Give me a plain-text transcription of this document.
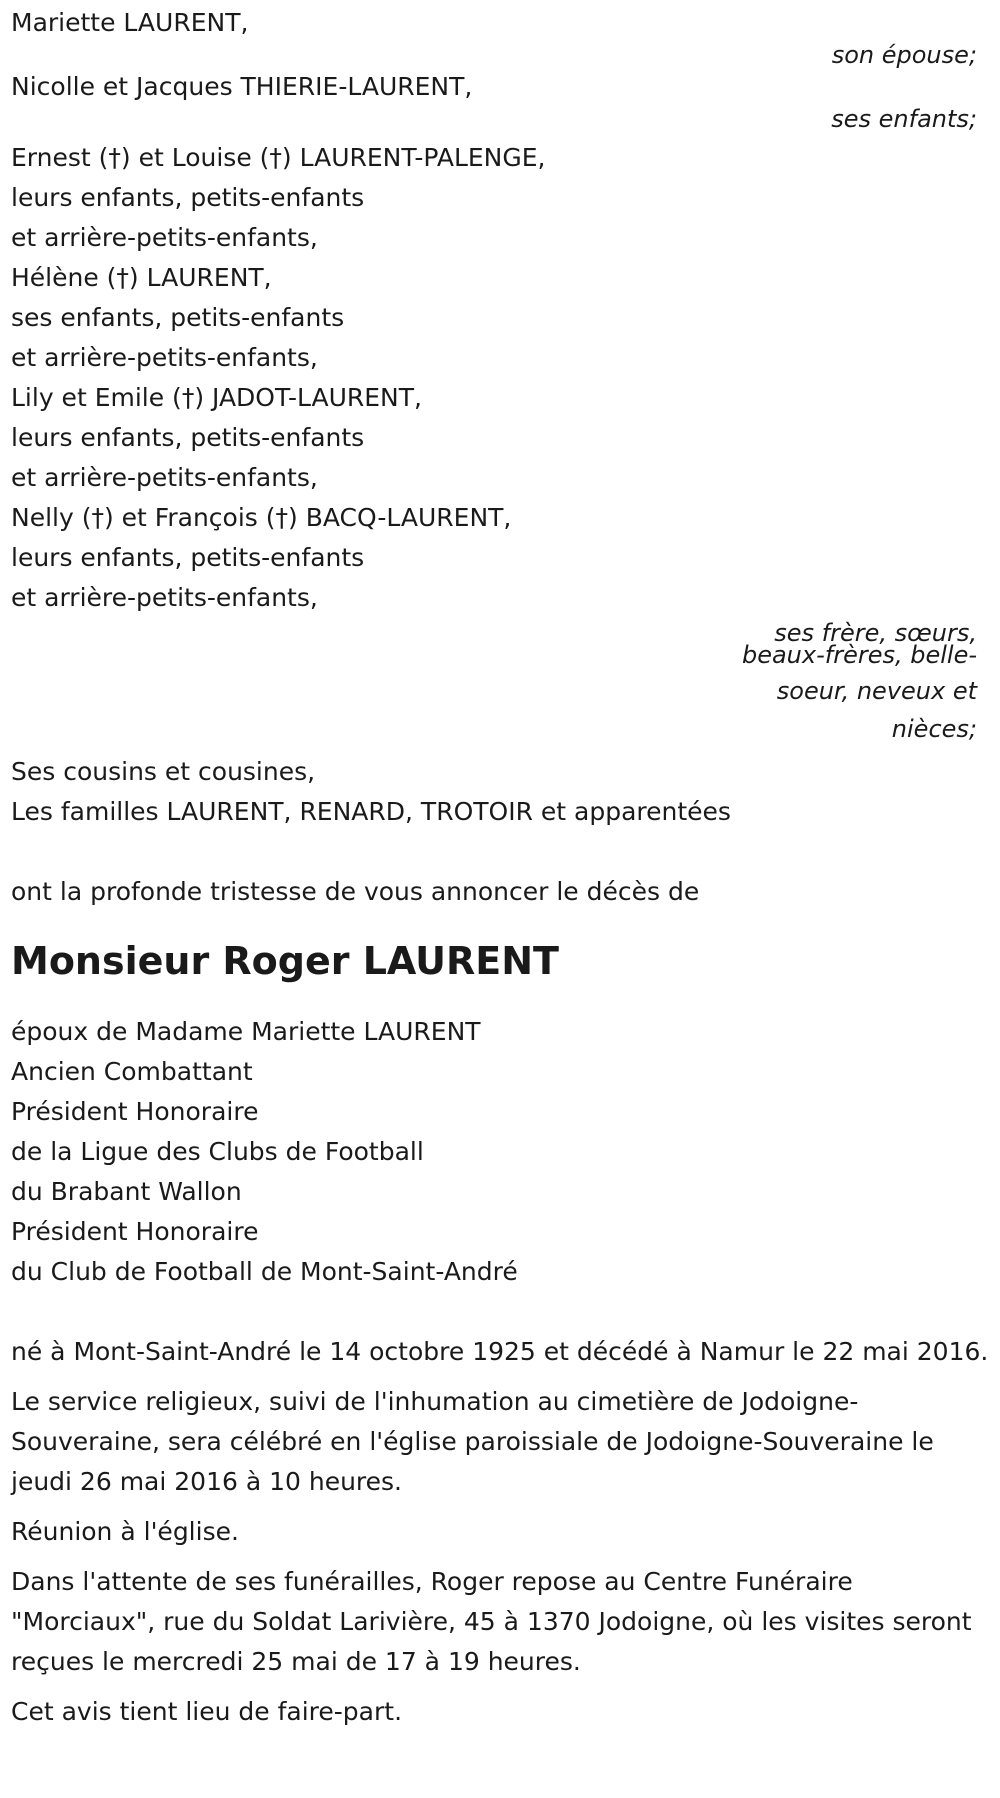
Mariette LAURENT,
son épouse;
Nicolle et Jacques THIERIE-LAURENT,
ses enfants;
Ernest (†) et Louise (†) LAURENT-PALENGE,
leurs enfants, petits-enfants
et arrière-petits-enfants,
Hélène (†) LAURENT,
ses enfants, petits-enfants
et arrière-petits-enfants,
Lily et Emile (†) JADOT-LAURENT,
leurs enfants, petits-enfants
et arrière-petits-enfants,
Nelly (†) et François (†) BACQ-LAURENT,
leurs enfants, petits-enfants
et arrière-petits-enfants,
ses frère, sœurs,
beaux-frères, belle-
soeur, neveux et
nièces;
Ses cousins et cousines,
Les familles LAURENT, RENARD, TROTOIR et apparentées
ont la profonde tristesse de vous annoncer le décès de
Monsieur Roger LAURENT
époux de Madame Mariette LAURENT
Ancien Combattant
Président Honoraire
de la Ligue des Clubs de Football
du Brabant Wallon
Président Honoraire
du Club de Football de Mont-Saint-André
né à Mont-Saint-André le 14 octobre 1925 et décédé à Namur le 22 mai 2016.
Le service religieux, suivi de l'inhumation au cimetière de Jodoigne-Souveraine, sera célébré en l'église paroissiale de Jodoigne-Souveraine le jeudi 26 mai 2016 à 10 heures.
Réunion à l'église.
Dans l'attente de ses funérailles, Roger repose au Centre Funéraire "Morciaux", rue du Soldat Larivière, 45 à 1370 Jodoigne, où les visites seront reçues le mercredi 25 mai de 17 à 19 heures.
Cet avis tient lieu de faire-part.
